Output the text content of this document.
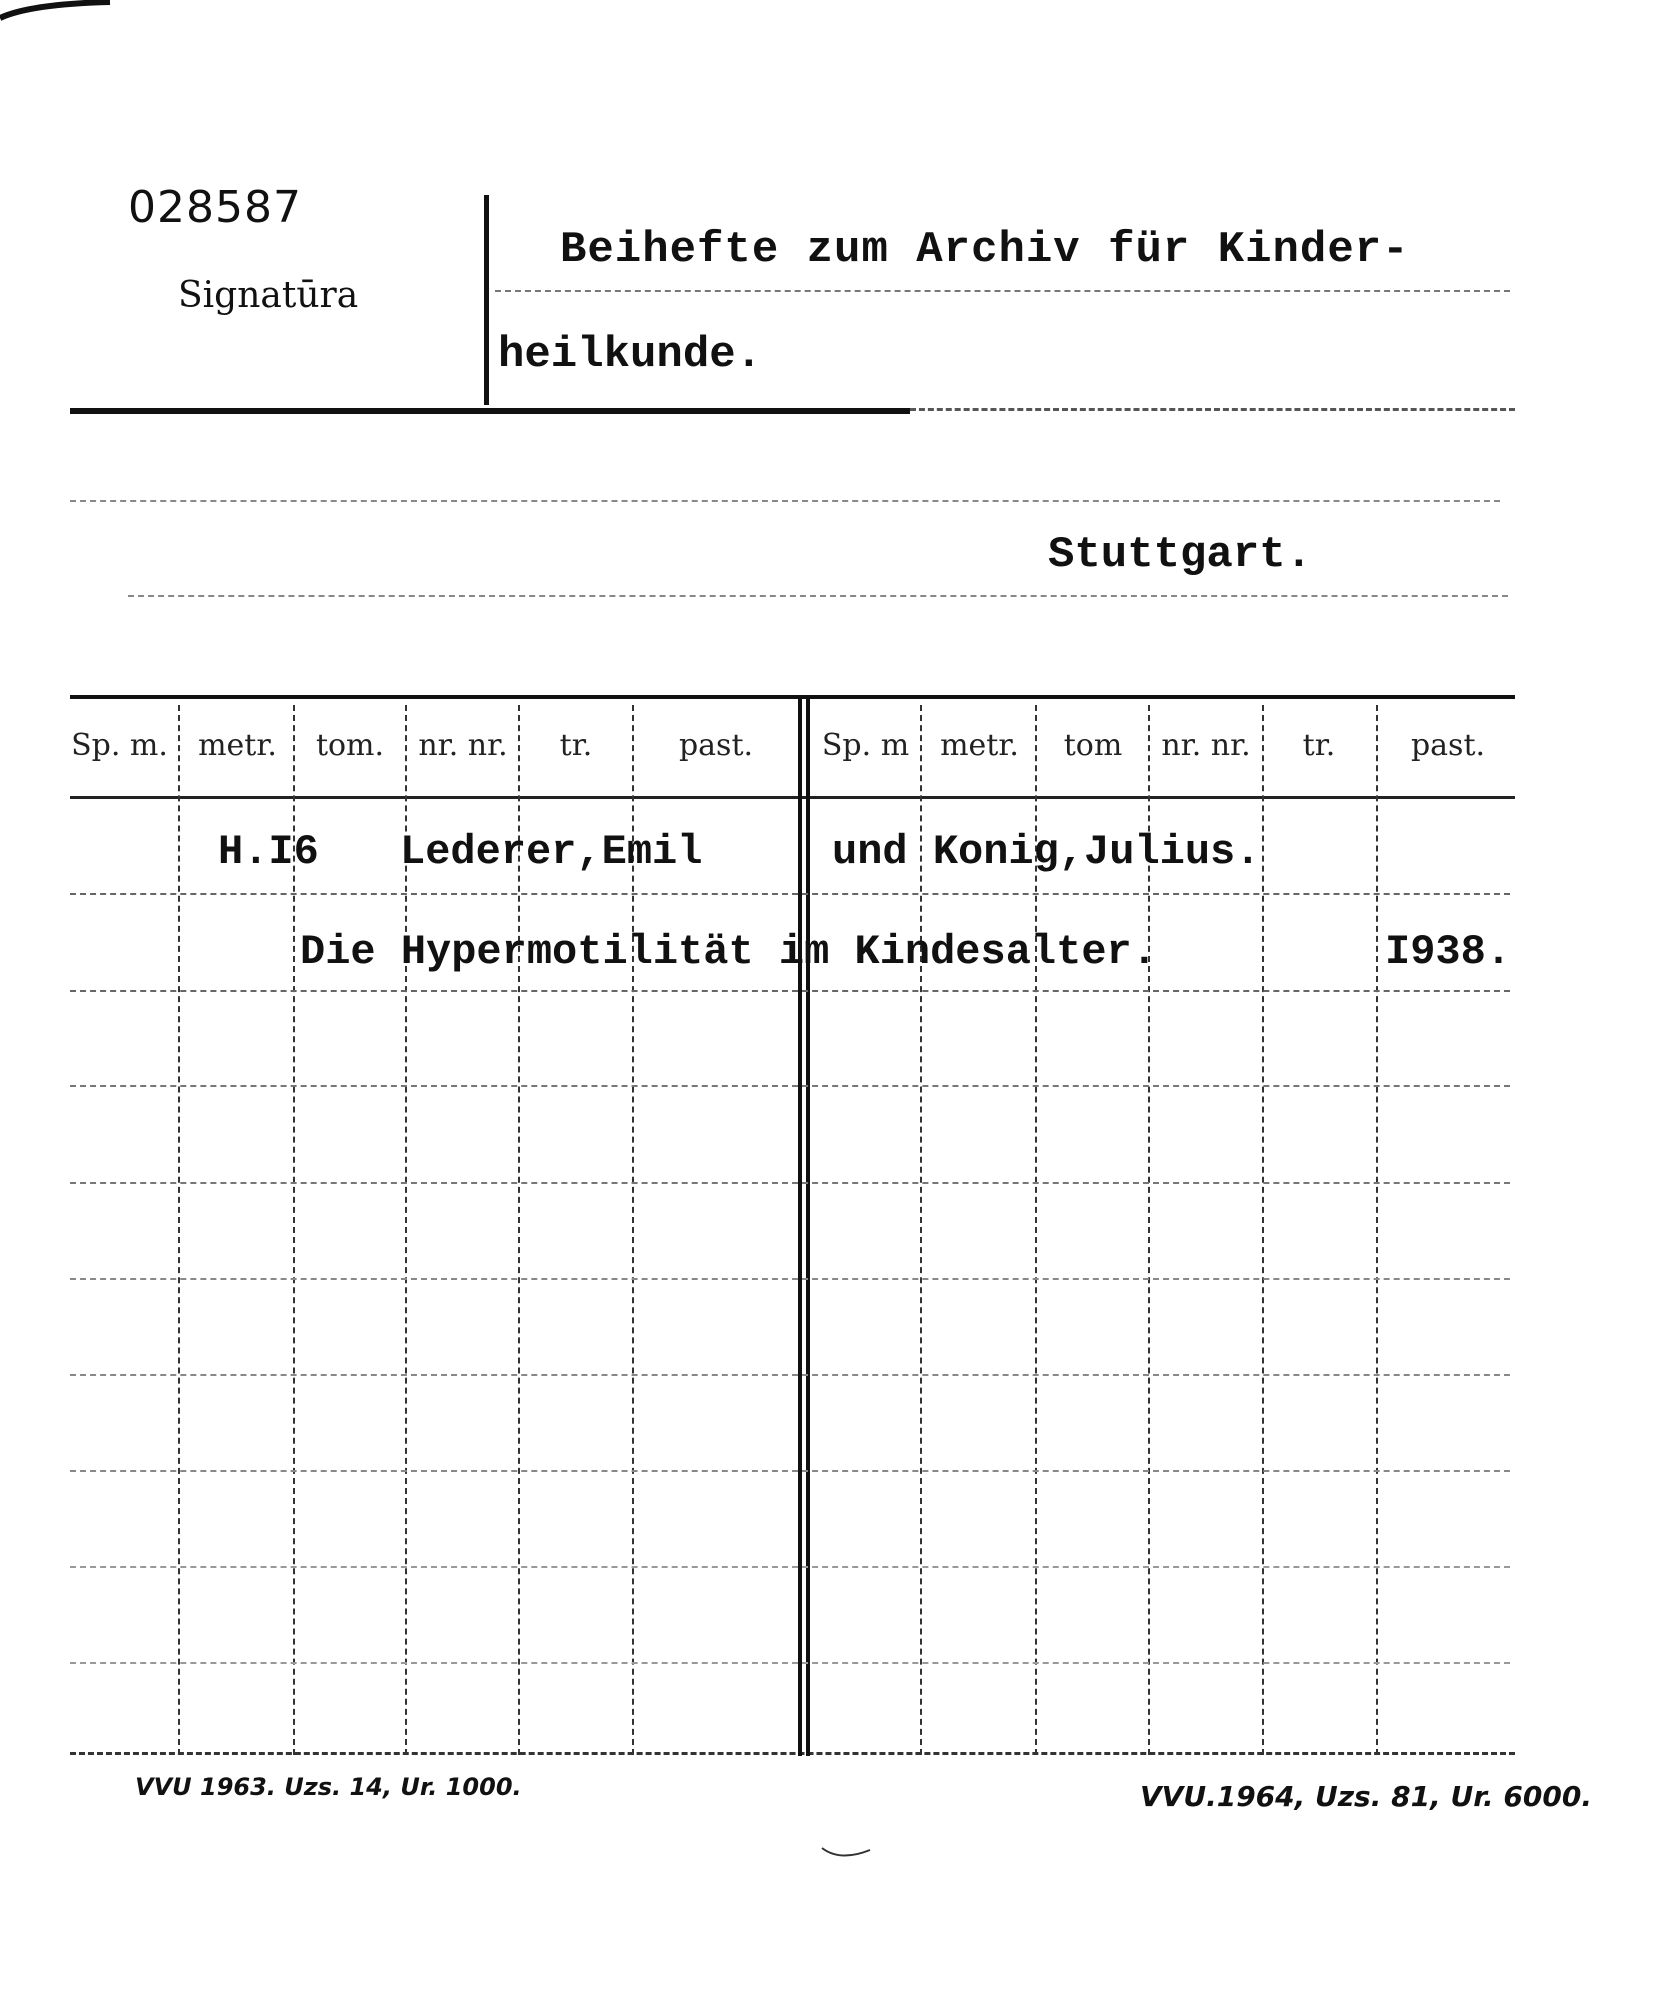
028587
Signatūra
Beihefte zum Archiv für Kinder-
heilkunde.
Stuttgart.
Sp. m.	metr.	tom.	nr. nr.	tr.	past.	Sp. m	metr.	tom	nr. nr.	tr.	past.
H.I6 Lederer,Emil	und Konig,Julius.
Die Hypermotilität im Kindesalter.	I938.
VVU 1963. Uzs. 14, Ur. 1000.	VVU.1964, Uzs. 81, Ur. 6000.
